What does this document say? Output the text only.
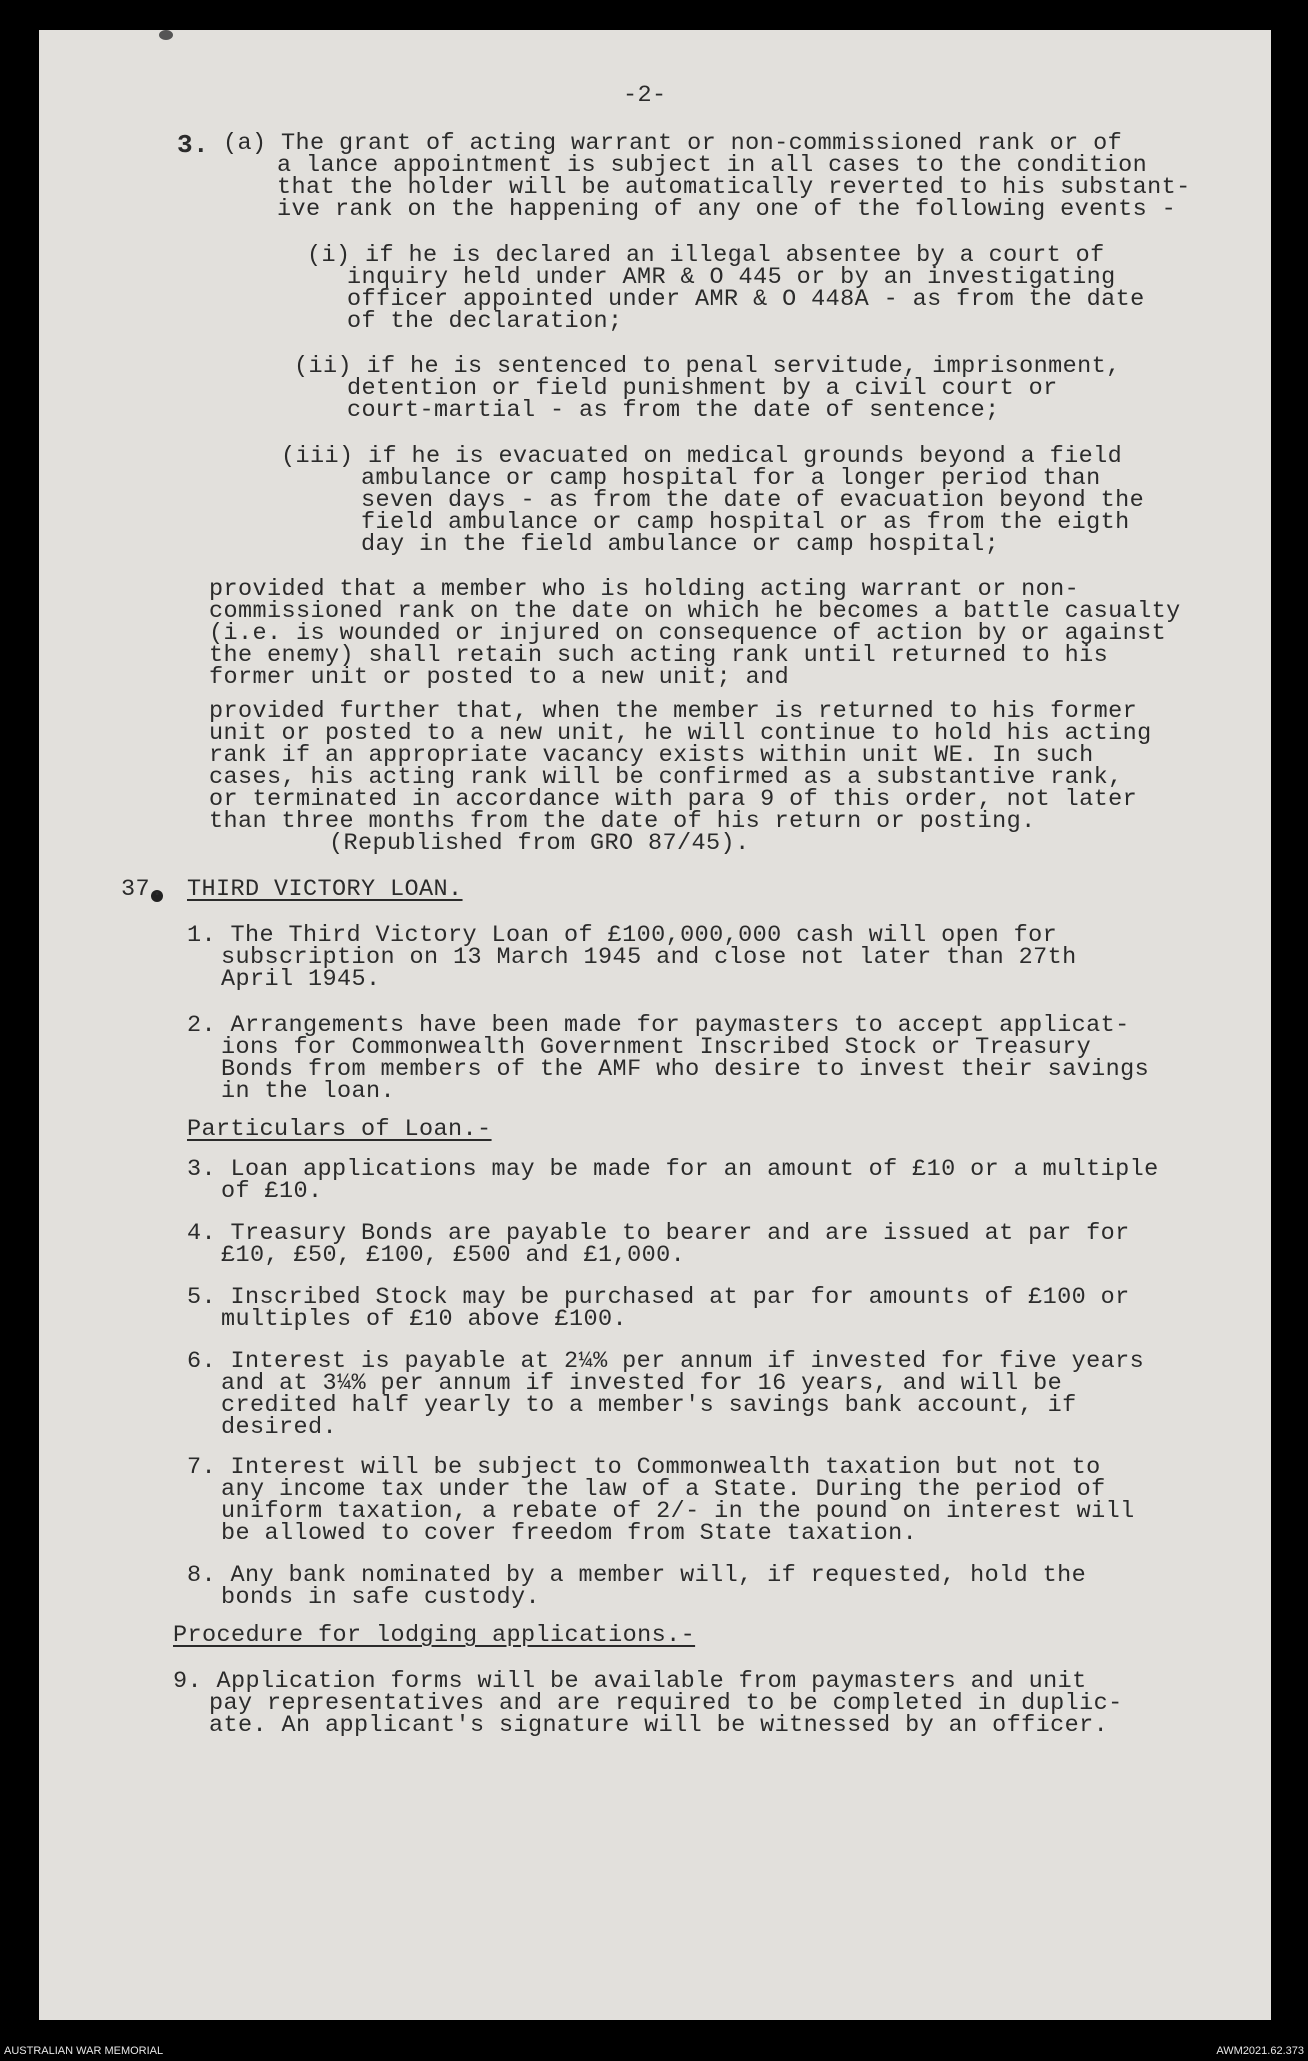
-2-
3. (a) The grant of acting warrant or non-commissioned rank or of
a lance appointment is subject in all cases to the condition
that the holder will be automatically reverted to his substant-
ive rank on the happening of any one of the following events -
(i) if he is declared an illegal absentee by a court of
inquiry held under AMR & O 445 or by an investigating
officer appointed under AMR & O 448A - as from the date
of the declaration;
(ii) if he is sentenced to penal servitude, imprisonment,
detention or field punishment by a civil court or
court-martial - as from the date of sentence;
(iii) if he is evacuated on medical grounds beyond a field
ambulance or camp hospital for a longer period than
seven days - as from the date of evacuation beyond the
field ambulance or camp hospital or as from the eigth
day in the field ambulance or camp hospital;
provided that a member who is holding acting warrant or non-
commissioned rank on the date on which he becomes a battle casualty
(i.e. is wounded or injured on consequence of action by or against
the enemy) shall retain such acting rank until returned to his
former unit or posted to a new unit; and
provided further that, when the member is returned to his former
unit or posted to a new unit, he will continue to hold his acting
rank if an appropriate vacancy exists within unit WE. In such
cases, his acting rank will be confirmed as a substantive rank,
or terminated in accordance with para 9 of this order, not later
than three months from the date of his return or posting.
(Republished from GRO 87/45).
37. THIRD VICTORY LOAN.
1. The Third Victory Loan of £100,000,000 cash will open for
subscription on 13 March 1945 and close not later than 27th
April 1945.
2. Arrangements have been made for paymasters to accept applicat-
ions for Commonwealth Government Inscribed Stock or Treasury
Bonds from members of the AMF who desire to invest their savings
in the loan.
Particulars of Loan.-
3. Loan applications may be made for an amount of £10 or a multiple
of £10.
4. Treasury Bonds are payable to bearer and are issued at par for
£10, £50, £100, £500 and £1,000.
5. Inscribed Stock may be purchased at par for amounts of £100 or
multiples of £10 above £100.
6. Interest is payable at 2¼% per annum if invested for five years
and at 3¼% per annum if invested for 16 years, and will be
credited half yearly to a member's savings bank account, if
desired.
7. Interest will be subject to Commonwealth taxation but not to
any income tax under the law of a State. During the period of
uniform taxation, a rebate of 2/- in the pound on interest will
be allowed to cover freedom from State taxation.
8. Any bank nominated by a member will, if requested, hold the
bonds in safe custody.
Procedure for lodging applications.-
9. Application forms will be available from paymasters and unit
pay representatives and are required to be completed in duplic-
ate. An applicant's signature will be witnessed by an officer.
AUSTRALIAN WAR MEMORIAL	AWM2021.62.373
